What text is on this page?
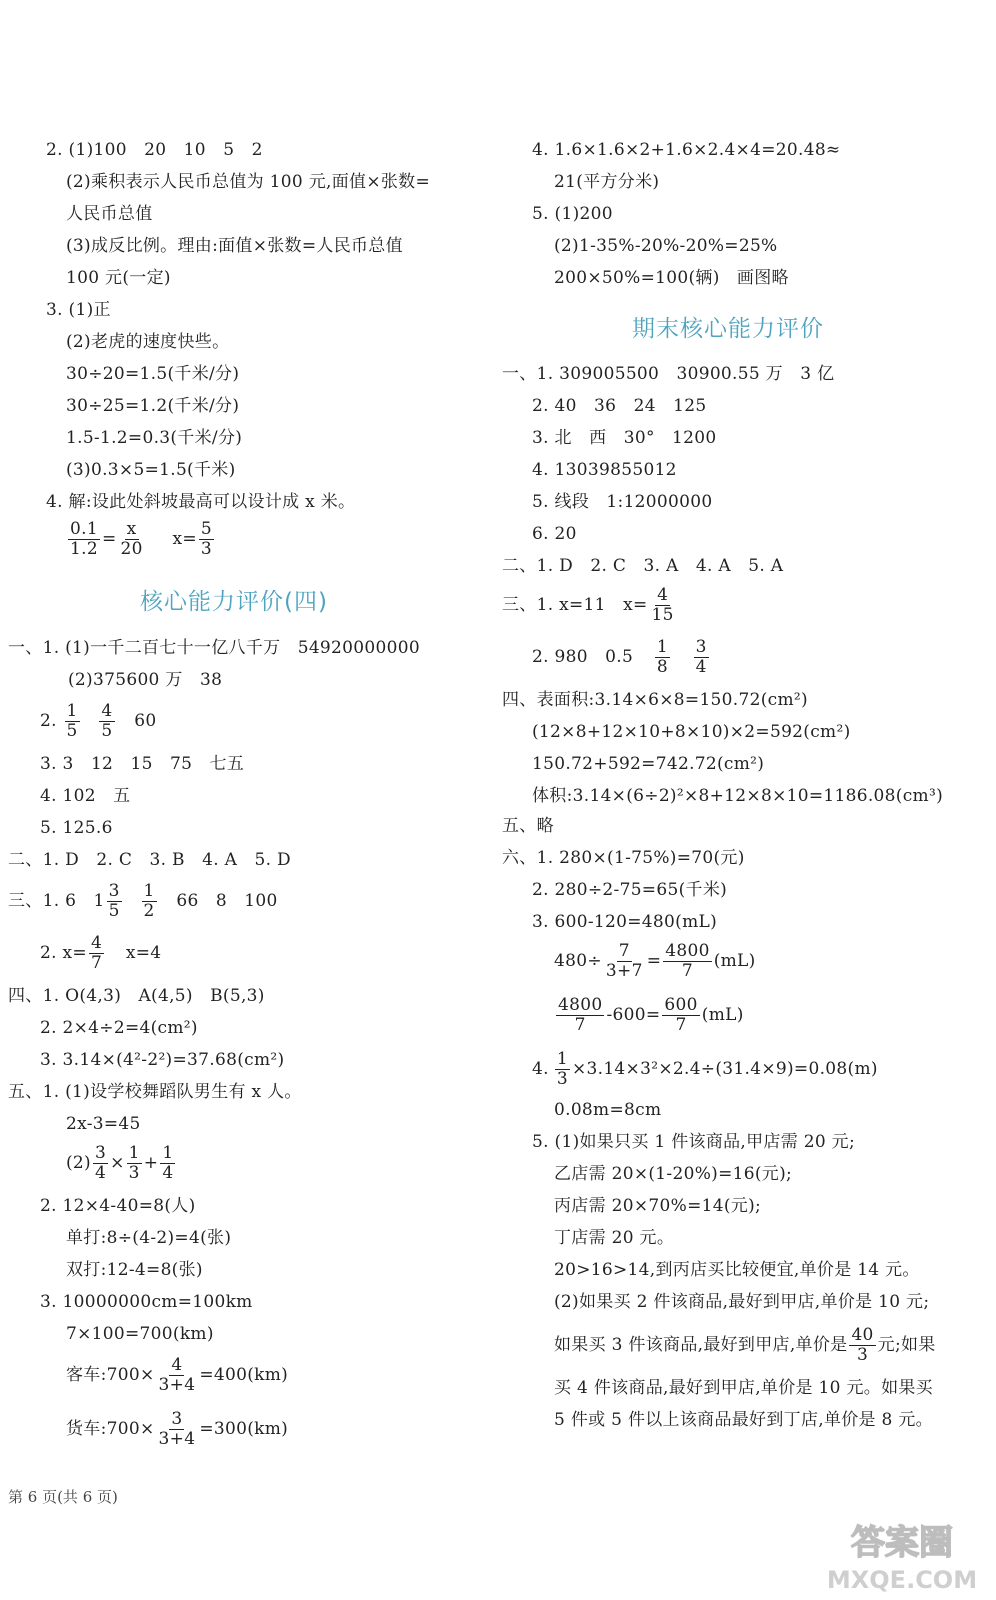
2. (1)100　20　10　5　2
(2)乘积表示人民币总值为 100 元,面值×张数=
人民币总值
(3)成反比例。理由:面值×张数=人民币总值
100 元(一定)
3. (1)正
(2)老虎的速度快些。
30÷20=1.5(千米/分)
30÷25=1.2(千米/分)
1.5-1.2=0.3(千米/分)
(3)0.3×5=1.5(千米)
4. 解:设此处斜坡最高可以设计成 x 米。
$\frac{0.1}{1.2} = \frac{x}{20} x= \frac{5}{3}$
核心能力评价(四)
一、1. (1)一千二百七十一亿八千万　54920000000
(2)375600 万　38
2. $\frac{1}{5}$
$\frac{4}{5} 60$
3. 3　12　15　75　七五
4. 102　五
5. 125.6
二、1. D　2. C　3. B　4. A　5. D
三、1. 6　$1 \frac{3}{5}$
$\frac{1}{2} 66$　8　100
2. $x= \frac{4}{7} x=4$
四、1. O(4,3)　A(4,5)　B(5,3)
2. 2×4÷2=4(cm²)
3. 3.14×(4²-2²)=37.68(cm²)
五、1. (1)设学校舞蹈队男生有 x 人。
2x-3=45
$(2) \frac{3}{4} \times \frac{1}{3} + \frac{1}{4}$
2. 12×4-40=8(人)
单打:8÷(4-2)=4(张)
双打:12-4=8(张)
3. 10000000cm=100km
7×100=700(km)
客车:700× $\frac{4}{3+4} =400(km)$
货车:700× $\frac{3}{3+4} =300(km)$
4. 1.6×1.6×2+1.6×2.4×4=20.48≈
21(平方分米)
5. (1)200
(2)1-35%-20%-20%=25%
200×50%=100(辆)　画图略
期末核心能力评价
一、1. 309005500　30900.55 万　3 亿
2. 40　36　24　125
3. 北　西　30°　1200
4. 13039855012
5. 线段　1:12000000
6. 20
二、1. D　2. C　3. A　4. A　5. A
三、1. x=11　$x= \frac{4}{15}$
2. 980　$0.5 \frac{1}{8}$
$\frac{3}{4}$
四、表面积:3.14×6×8=150.72(cm²)
(12×8+12×10+8×10)×2=592(cm²)
150.72+592=742.72(cm²)
体积:3.14×(6÷2)²×8+12×8×10=1186.08(cm³)
五、略
六、1. 280×(1-75%)=70(元)
2. 280÷2-75=65(千米)
3. 600-120=480(mL)
$480\div \frac{7}{3+7} = \frac{4800}{7} (mL)$
$\frac{4800}{7} -600= \frac{600}{7} (mL)$
4. $\frac{1}{3} \times 3.14\times 3^2\times 2.4\div(31.4\times 9)=0.08(m)$
0.08m=8cm
5. (1)如果只买 1 件该商品,甲店需 20 元;
乙店需 20×(1-20%)=16(元);
丙店需 20×70%=14(元);
丁店需 20 元。
20>16>14,到丙店买比较便宜,单价是 14 元。
(2)如果买 2 件该商品,最好到甲店,单价是 10 元;
如果买 3 件该商品,最好到甲店,单价是 $\frac{40}{3}$ 元;如果
买 4 件该商品,最好到甲店,单价是 10 元。如果买
5 件或 5 件以上该商品最好到丁店,单价是 8 元。
第 6 页(共 6 页)
答案圈
MXQE.COM
